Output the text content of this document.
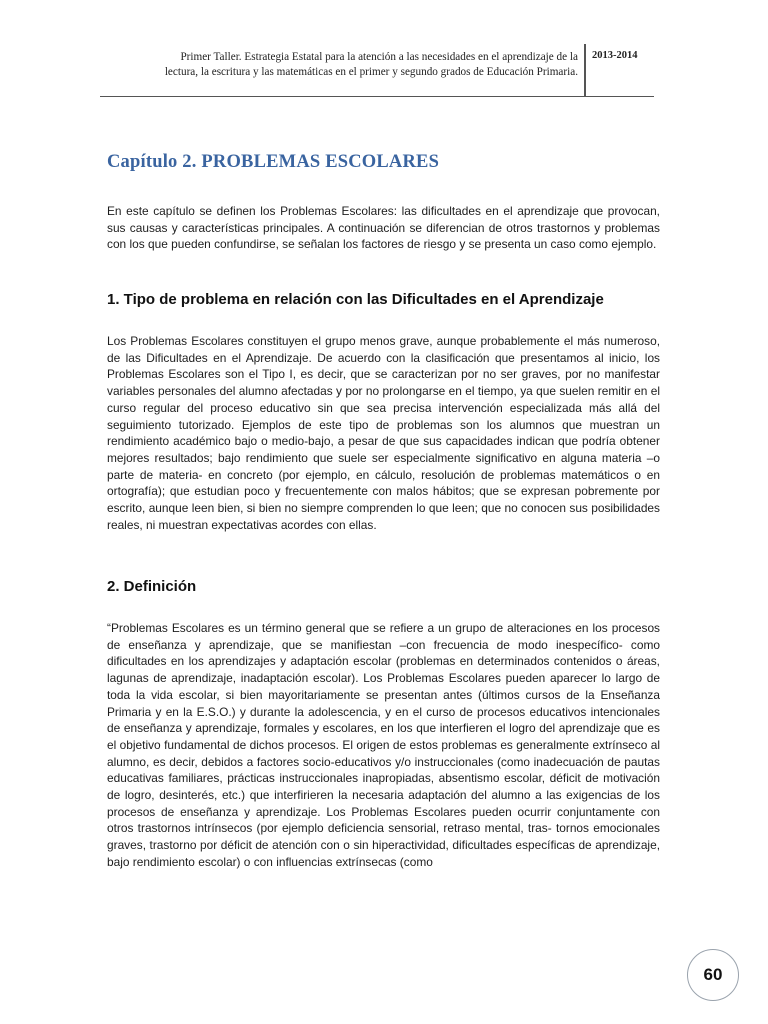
Primer Taller. Estrategia Estatal para la atención a las necesidades en el aprendizaje de la
lectura, la escritura y las matemáticas en el primer y segundo grados de Educación Primaria.
2013-2014
Capítulo 2. PROBLEMAS ESCOLARES

En este capítulo se definen los Problemas Escolares: las dificultades en el aprendizaje que provocan, sus causas y características principales. A continuación se diferencian de otros trastornos y problemas con los que pueden confundirse, se señalan los factores de riesgo y se presenta un caso como ejemplo.

1. Tipo de problema en relación con las Dificultades en el Aprendizaje

Los Problemas Escolares constituyen el grupo menos grave, aunque probablemente el más numeroso, de las Dificultades en el Aprendizaje. De acuerdo con la clasificación que presentamos al inicio, los Problemas Escolares son el Tipo I, es decir, que se caracterizan por no ser graves, por no manifestar variables personales del alumno afectadas y por no prolongarse en el tiempo, ya que suelen remitir en el curso regular del proceso educativo sin que sea precisa intervención especializada más allá del seguimiento tutorizado. Ejemplos de este tipo de problemas son los alumnos que muestran un rendimiento académico bajo o medio-bajo, a pesar de que sus capacidades indican que podría obtener mejores resultados; bajo rendimiento que suele ser especialmente significativo en alguna materia –o parte de materia- en concreto (por ejemplo, en cálculo, resolución de problemas matemáticos o en ortografía); que estudian poco y frecuentemente con malos hábitos; que se expresan pobremente por escrito, aunque leen bien, si bien no siempre comprenden lo que leen; que no conocen sus posibilidades reales, ni muestran expectativas acordes con ellas.

2. Definición

“Problemas Escolares es un término general que se refiere a un grupo de alteraciones en los procesos de enseñanza y aprendizaje, que se manifiestan –con frecuencia de modo inespecífico- como dificultades en los aprendizajes y adaptación escolar (problemas en determinados contenidos o áreas, lagunas de aprendizaje, inadaptación escolar). Los Problemas Escolares pueden aparecer lo largo de toda la vida escolar, si bien mayoritariamente se presentan antes (últimos cursos de la Enseñanza Primaria y en la E.S.O.) y durante la adolescencia, y en el curso de procesos educativos intencionales de enseñanza y aprendizaje, formales y escolares, en los que interfieren el logro del aprendizaje que es el objetivo fundamental de dichos procesos. El origen de estos problemas es generalmente extrínseco al alumno, es decir, debidos a factores socio-educativos y/o instruccionales (como inadecuación de pautas educativas familiares, prácticas instruccionales inapropiadas, absentismo escolar, déficit de motivación de logro, desinterés, etc.) que interfirieren la necesaria adaptación del alumno a las exigencias de los procesos de enseñanza y aprendizaje. Los Problemas Escolares pueden ocurrir conjuntamente con otros trastornos intrínsecos (por ejemplo deficiencia sensorial, retraso mental, tras- tornos emocionales graves, trastorno por déficit de atención con o sin hiperactividad, dificultades específicas de aprendizaje, bajo rendimiento escolar) o con influencias extrínsecas (como

60
